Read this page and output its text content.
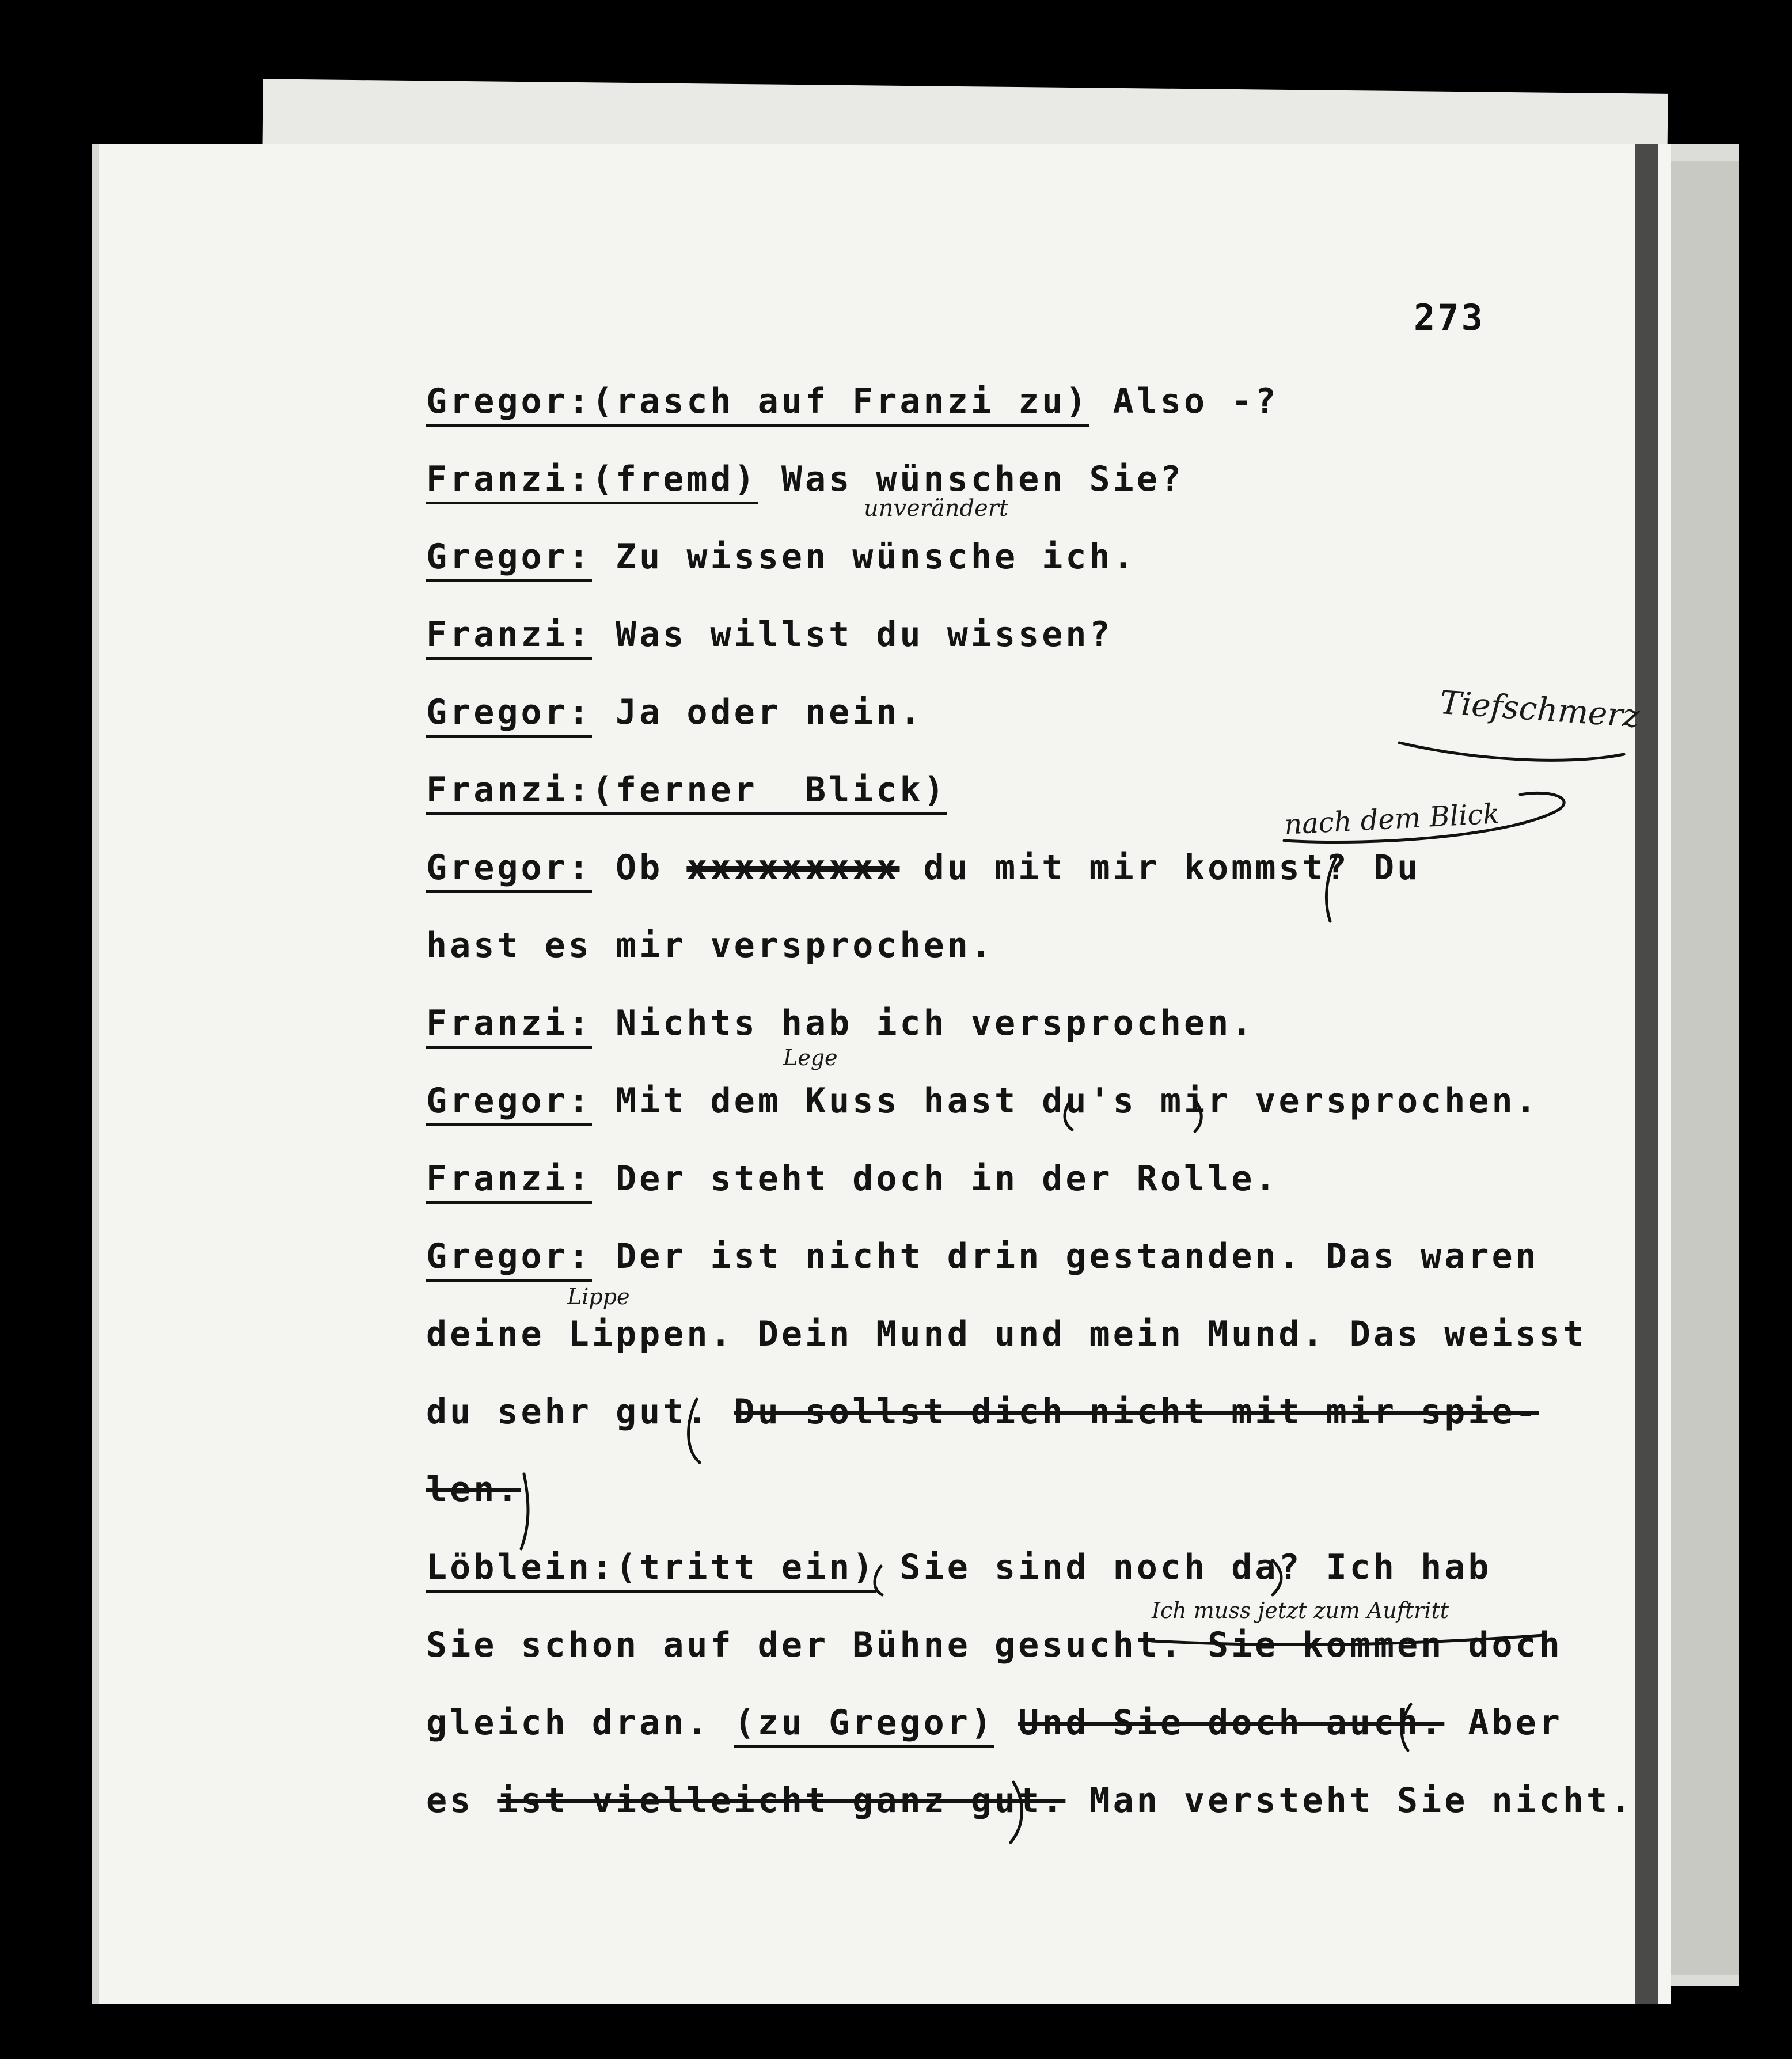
273
Gregor:(rasch auf Franzi zu) Also -?
Franzi:(fremd) Was wünschen Sie?
Gregor: Zu wissen wünsche ich.
Franzi: Was willst du wissen?
Gregor: Ja oder nein.
Franzi:(ferner  Blick)
Gregor: Ob xxxxxxxxx du mit mir kommst? Du
hast es mir versprochen.
Franzi: Nichts hab ich versprochen.
Gregor: Mit dem Kuss hast du's mir versprochen.
Franzi: Der steht doch in der Rolle.
Gregor: Der ist nicht drin gestanden. Das waren
deine Lippen. Dein Mund und mein Mund. Das weisst
du sehr gut. Du sollst dich nicht mit mir spie-
len.
Löblein:(tritt ein) Sie sind noch da? Ich hab
Sie schon auf der Bühne gesucht. Sie kommen doch
gleich dran. (zu Gregor) Und Sie doch auch. Aber
es ist vielleicht ganz gut. Man versteht Sie nicht.
unverändert
Tiefschmerz
nach dem Blick
Lege
Lippe
Ich muss jetzt zum Auftritt
